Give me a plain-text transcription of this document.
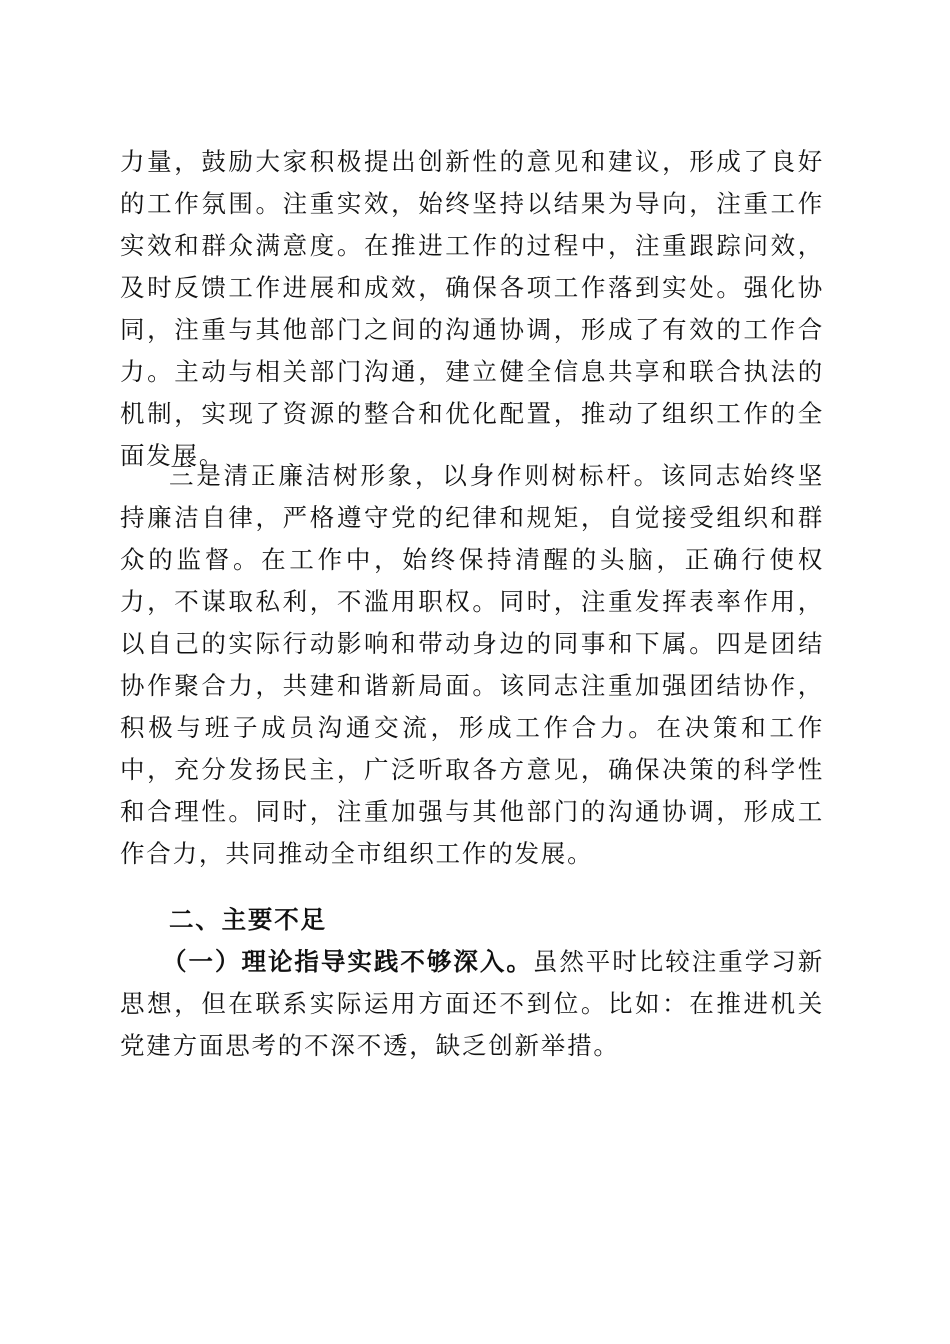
力量，鼓励大家积极提出创新性的意见和建议，形成了良好的工作氛围。注重实效，始终坚持以结果为导向，注重工作实效和群众满意度。在推进工作的过程中，注重跟踪问效，及时反馈工作进展和成效，确保各项工作落到实处。强化协同，注重与其他部门之间的沟通协调，形成了有效的工作合力。主动与相关部门沟通，建立健全信息共享和联合执法的机制，实现了资源的整合和优化配置，推动了组织工作的全面发展。

三是清正廉洁树形象，以身作则树标杆。该同志始终坚持廉洁自律，严格遵守党的纪律和规矩，自觉接受组织和群众的监督。在工作中，始终保持清醒的头脑，正确行使权力，不谋取私利，不滥用职权。同时，注重发挥表率作用，以自己的实际行动影响和带动身边的同事和下属。四是团结协作聚合力，共建和谐新局面。该同志注重加强团结协作，积极与班子成员沟通交流，形成工作合力。在决策和工作中，充分发扬民主，广泛听取各方意见，确保决策的科学性和合理性。同时，注重加强与其他部门的沟通协调，形成工作合力，共同推动全市组织工作的发展。

二、主要不足

（一）理论指导实践不够深入。虽然平时比较注重学习新思想，但在联系实际运用方面还不到位。比如：在推进机关党建方面思考的不深不透，缺乏创新举措。
